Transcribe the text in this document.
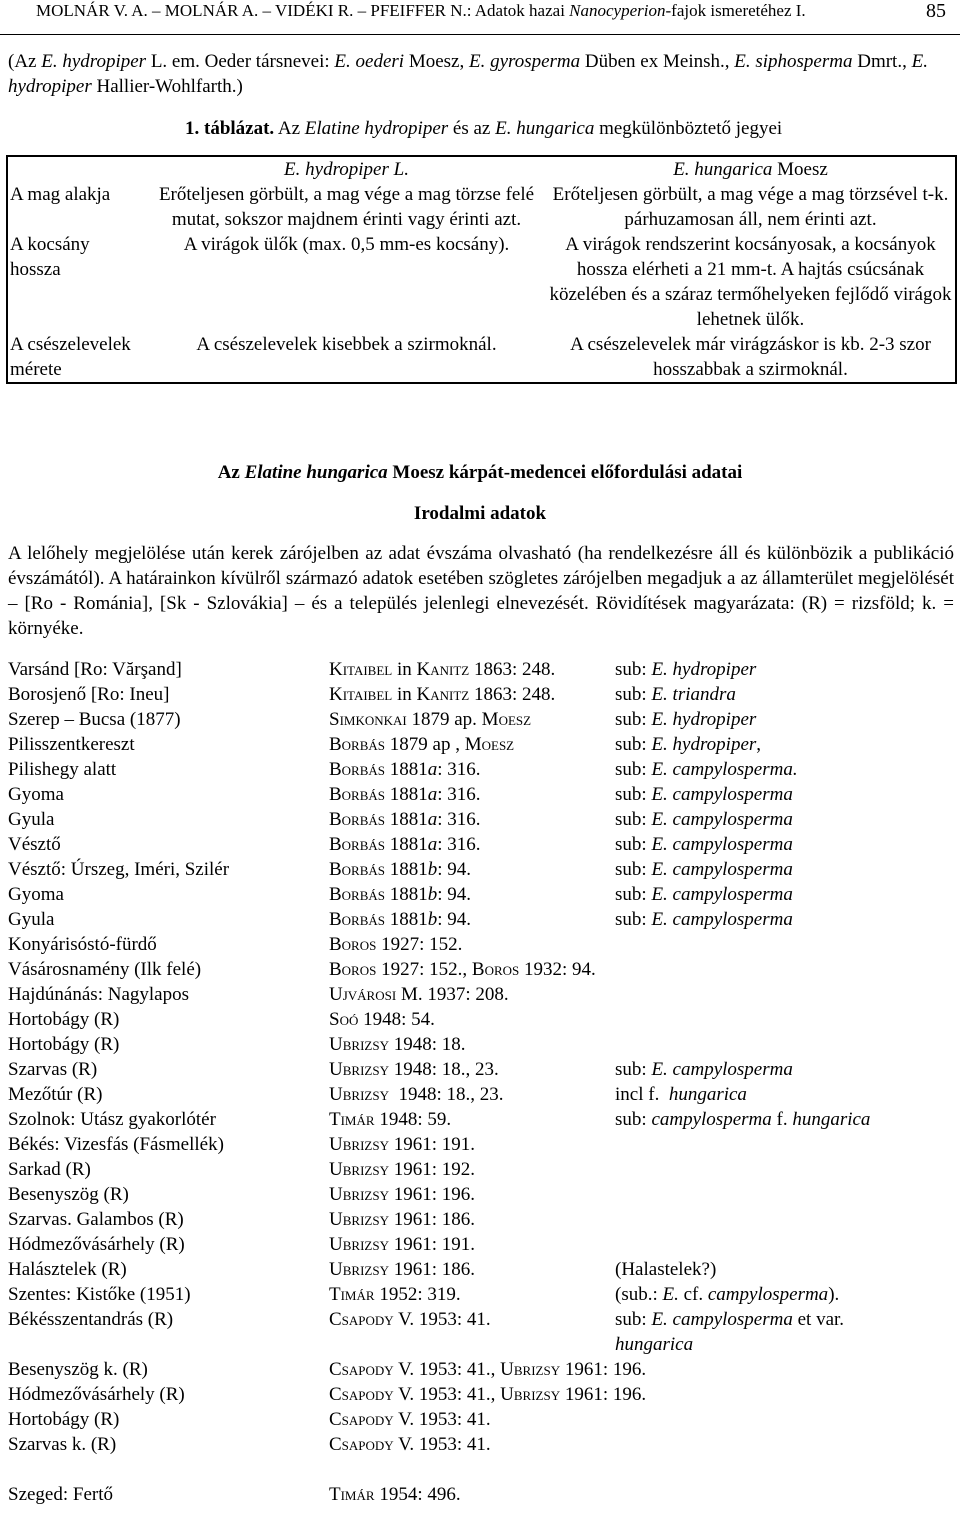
MOLNÁR V. A. – MOLNÁR A. – VIDÉKI R. – PFEIFFER N.: Adatok hazai Nanocyperion-fajok ismeretéhez I.	85
(Az E. hydropiper L. em. Oeder társnevei: E. oederi Moesz, E. gyrosperma Düben ex Meinsh., E. siphosperma Dmrt., E. hydropiper Hallier-Wohlfarth.)
1. táblázat. Az Elatine hydropiper és az E. hungarica megkülönböztető jegyei
	E. hydropiper L.	E. hungarica Moesz
A mag alakja	Erőteljesen görbült, a mag vége a mag törzse felé mutat, sokszor majdnem érinti vagy érinti azt.	Erőteljesen görbült, a mag vége a mag törzsével t-k. párhuzamosan áll, nem érinti azt.
A kocsány hossza	A virágok ülők (max. 0,5 mm-es kocsány).	A virágok rendszerint kocsányosak, a kocsányok hossza elérheti a 21 mm-t. A hajtás csúcsának közelében és a száraz termőhelyeken fejlődő virágok lehetnek ülők.
A csészelevelek mérete	A csészelevelek kisebbek a szirmoknál.	A csészelevelek már virágzáskor is kb. 2-3 szor hosszabbak a szirmoknál.
Az Elatine hungarica Moesz kárpát-medencei előfordulási adatai
Irodalmi adatok
A lelőhely megjelölése után kerek zárójelben az adat évszáma olvasható (ha rendelkezésre áll és különbözik a publikáció évszámától). A határainkon kívülről származó adatok esetében szögletes zárójelben megadjuk a az államterület megjelölését – [Ro - Románia], [Sk - Szlovákia] – és a település jelenlegi elnevezését. Rövidítések magyarázata: (R) = rizsföld; k. = környéke.
Varsánd [Ro: Vărşand]	Kitaibel in Kanitz 1863: 248.	sub: E. hydropiper
Borosjenő [Ro: Ineu]	Kitaibel in Kanitz 1863: 248.	sub: E. triandra
Szerep – Bucsa (1877)	Simkonkai 1879 ap. Moesz	sub: E. hydropiper
Pilisszentkereszt	Borbás 1879 ap , Moesz	sub: E. hydropiper,
Pilishegy alatt	Borbás 1881a: 316.	sub: E. campylosperma.
Gyoma	Borbás 1881a: 316.	sub: E. campylosperma
Gyula	Borbás 1881a: 316.	sub: E. campylosperma
Vésztő	Borbás 1881a: 316.	sub: E. campylosperma
Vésztő: Úrszeg, Iméri, Szilér	Borbás 1881b: 94.	sub: E. campylosperma
Gyoma	Borbás 1881b: 94.	sub: E. campylosperma
Gyula	Borbás 1881b: 94.	sub: E. campylosperma
Konyárisóstó-fürdő	Boros 1927: 152.
Vásárosnamény (Ilk felé)	Boros 1927: 152., Boros 1932: 94.
Hajdúnánás: Nagylapos	Ujvárosi M. 1937: 208.
Hortobágy (R)	Soó 1948: 54.
Hortobágy (R)	Ubrizsy 1948: 18.
Szarvas (R)	Ubrizsy 1948: 18., 23.	sub: E. campylosperma
Mezőtúr (R)	Ubrizsy  1948: 18., 23.	incl f.  hungarica
Szolnok: Utász gyakorlótér	Timár 1948: 59.	sub: campylosperma f. hungarica
Békés: Vizesfás (Fásmellék)	Ubrizsy 1961: 191.
Sarkad (R)	Ubrizsy 1961: 192.
Besenyszög (R)	Ubrizsy 1961: 196.
Szarvas. Galambos (R)	Ubrizsy 1961: 186.
Hódmezővásárhely (R)	Ubrizsy 1961: 191.
Halásztelek (R)	Ubrizsy 1961: 186.	(Halastelek?)
Szentes: Kistőke (1951)	Timár 1952: 319.	(sub.: E. cf. campylosperma).
Békésszentandrás (R)	Csapody V. 1953: 41.	sub: E. campylosperma et var. hungarica
Besenyszög k. (R)	Csapody V. 1953: 41., Ubrizsy 1961: 196.
Hódmezővásárhely (R)	Csapody V. 1953: 41., Ubrizsy 1961: 196.
Hortobágy (R)	Csapody V. 1953: 41.
Szarvas k. (R)	Csapody V. 1953: 41.
Szeged: Fertő	Timár 1954: 496.
